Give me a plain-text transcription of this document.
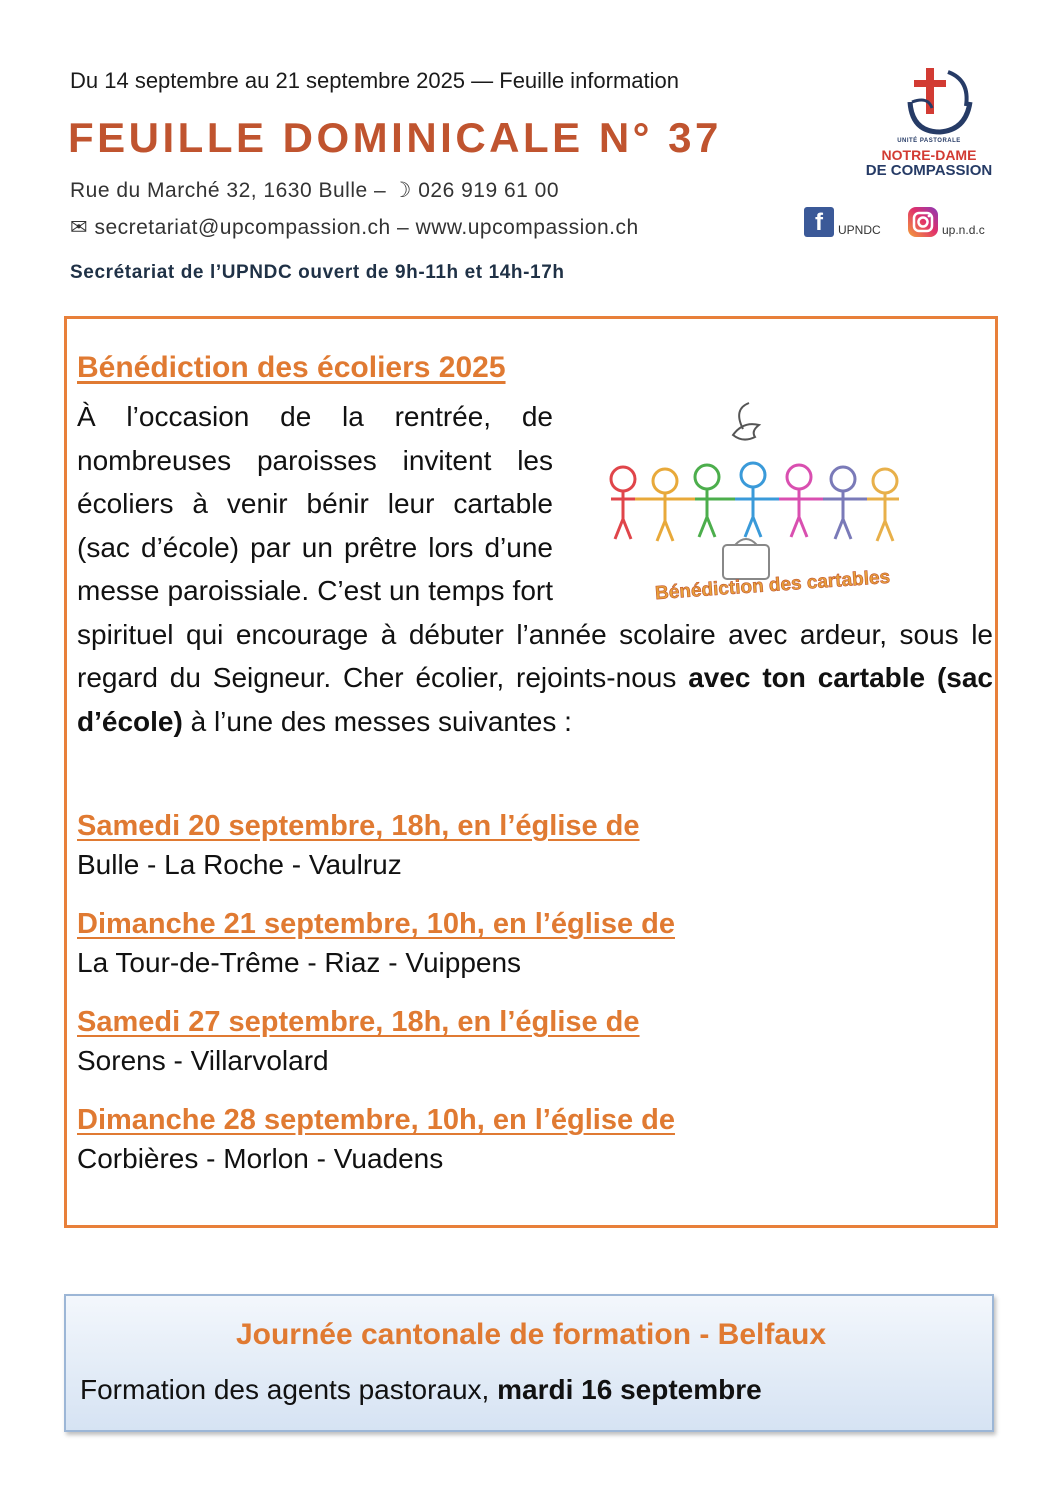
Du 14 septembre au 21 septembre 2025 — Feuille information
FEUILLE DOMINICALE N° 37
Rue du Marché 32, 1630 Bulle – ☽ 026 919 61 00
✉ secretariat@upcompassion.ch – www.upcompassion.ch
Secrétariat de l’UPNDC ouvert de 9h-11h et 14h-17h
UNITÉ PASTORALE
NOTRE-DAME
DE COMPASSION
f	UPNDC	up.n.d.c
Bénédiction des écoliers 2025
Bénédiction des cartables
À l’occasion de la rentrée, de nombreuses paroisses invitent les écoliers à venir bénir leur cartable (sac d’école) par un prêtre lors d’une messe paroissiale. C’est un temps fort spirituel qui encourage à débuter l’année scolaire avec ardeur, sous le regard du Seigneur. Cher écolier, rejoints-nous avec ton cartable (sac d’école) à l’une des messes suivantes :
Samedi 20 septembre, 18h, en l’église de
Bulle - La Roche - Vaulruz
Dimanche 21 septembre, 10h, en l’église de
La Tour-de-Trême - Riaz - Vuippens
Samedi 27 septembre, 18h, en l’église de
Sorens - Villarvolard
Dimanche 28 septembre, 10h, en l’église de
Corbières - Morlon - Vuadens
Journée cantonale de formation - Belfaux
Formation des agents pastoraux, mardi 16 septembre
